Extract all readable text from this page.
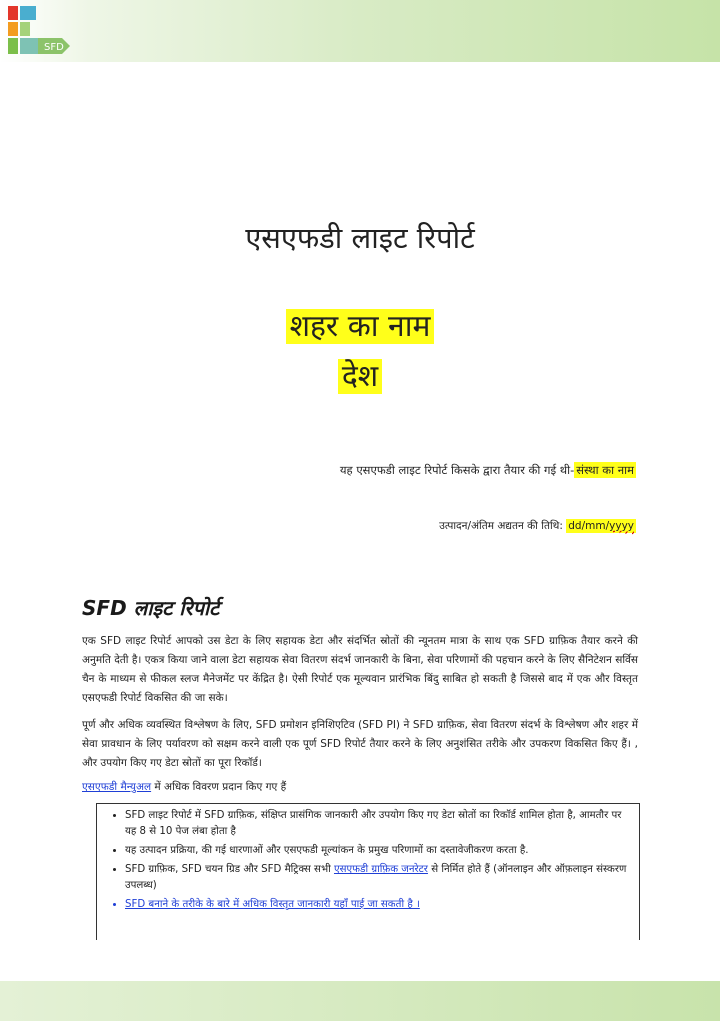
SFD
एसएफडी लाइट रिपोर्ट
शहर का नाम
देश
यह एसएफडी लाइट रिपोर्ट किसके द्वारा तैयार की गई थी- संस्था का नाम
उत्पादन/अंतिम अद्यतन की तिथि: dd/mm/yyyy
SFD लाइट रिपोर्ट
एक SFD लाइट रिपोर्ट आपको उस डेटा के लिए सहायक डेटा और संदर्भित स्रोतों की न्यूनतम मात्रा के साथ एक SFD ग्राफ़िक तैयार करने की अनुमति देती है। एकत्र किया जाने वाला डेटा सहायक सेवा वितरण संदर्भ जानकारी के बिना, सेवा परिणामों की पहचान करने के लिए सैनिटेशन सर्विस चैन के माध्यम से फीकल स्लज मैनेजमेंट पर केंद्रित है। ऐसी रिपोर्ट एक मूल्यवान प्रारंभिक बिंदु साबित हो सकती है जिससे बाद में एक और विस्तृत एसएफडी रिपोर्ट विकसित की जा सके।
पूर्ण और अधिक व्यवस्थित विश्लेषण के लिए, SFD प्रमोशन इनिशिएटिव (SFD PI) ने SFD ग्राफ़िक, सेवा वितरण संदर्भ के विश्लेषण और शहर में सेवा प्रावधान के लिए पर्यावरण को सक्षम करने वाली एक पूर्ण SFD रिपोर्ट तैयार करने के लिए अनुशंसित तरीके और उपकरण विकसित किए हैं। , और उपयोग किए गए डेटा स्रोतों का पूरा रिकॉर्ड।
एसएफडी मैन्युअल में अधिक विवरण प्रदान किए गए हैं
• SFD लाइट रिपोर्ट में SFD ग्राफ़िक, संक्षिप्त प्रासंगिक जानकारी और उपयोग किए गए डेटा स्रोतों का रिकॉर्ड शामिल होता है, आमतौर पर यह 8 से 10 पेज लंबा होता है
• यह उत्पादन प्रक्रिया, की गई धारणाओं और एसएफडी मूल्यांकन के प्रमुख परिणामों का दस्तावेजीकरण करता है.
• SFD ग्राफ़िक, SFD चयन ग्रिड और SFD मैट्रिक्स सभी एसएफडी ग्राफ़िक जनरेटर से निर्मित होते हैं (ऑनलाइन और ऑफ़लाइन संस्करण उपलब्ध)
• SFD बनाने के तरीके के बारे में अधिक विस्तृत जानकारी यहाँ पाई जा सकती है ।
